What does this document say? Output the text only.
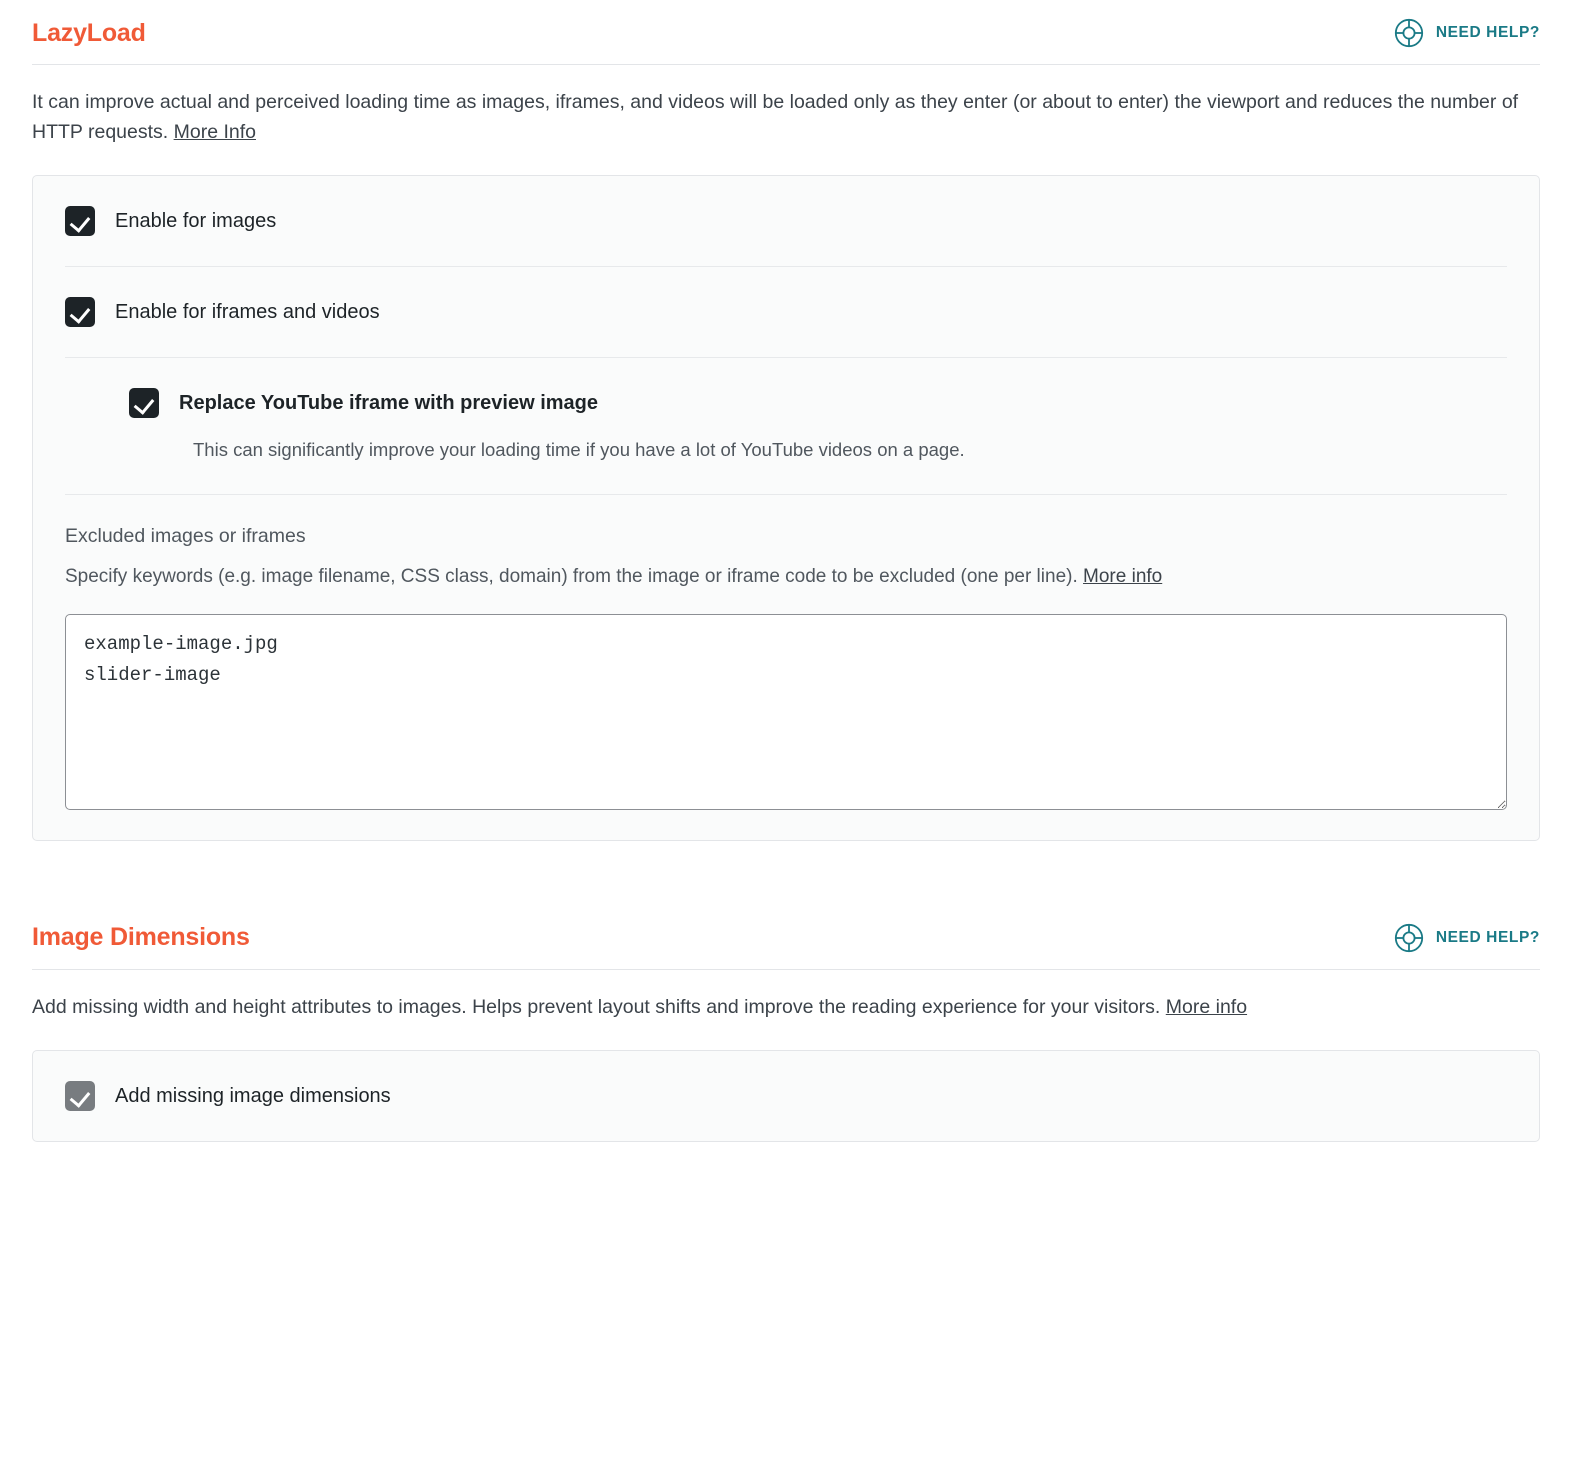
LazyLoad	NEED HELP?
It can improve actual and perceived loading time as images, iframes, and videos will be loaded only as they enter (or about to enter) the viewport and reduces the number of HTTP requests. More Info
Enable for images
Enable for iframes and videos
Replace YouTube iframe with preview image
This can significantly improve your loading time if you have a lot of YouTube videos on a page.
Excluded images or iframes
Specify keywords (e.g. image filename, CSS class, domain) from the image or iframe code to be excluded (one per line). More info
example-image.jpg slider-image
Image Dimensions	NEED HELP?
Add missing width and height attributes to images. Helps prevent layout shifts and improve the reading experience for your visitors. More info
Add missing image dimensions
